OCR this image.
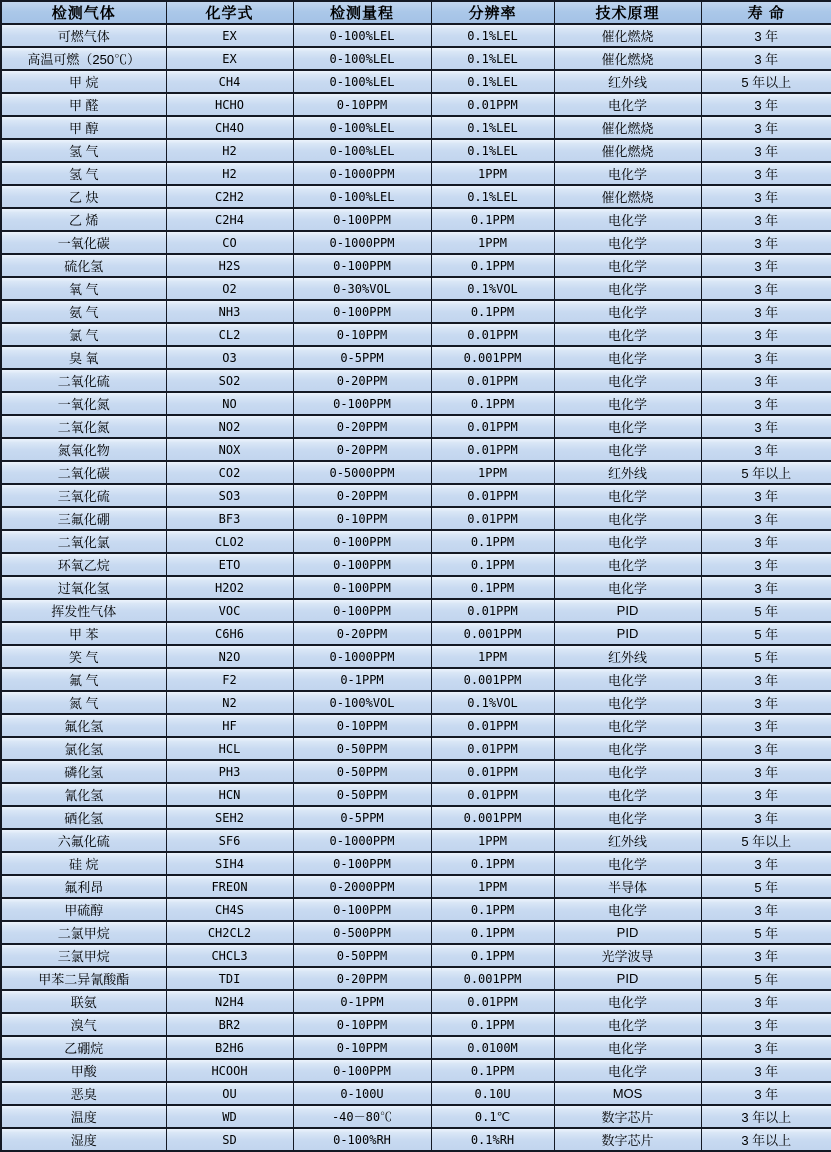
检测气体	化学式	检测量程	分辨率	技术原理	寿 命
可燃气体	EX	0-100%LEL	0.1%LEL	催化燃烧	3 年
高温可燃（250℃）	EX	0-100%LEL	0.1%LEL	催化燃烧	3 年
甲 烷	CH4	0-100%LEL	0.1%LEL	红外线	5 年以上
甲 醛	HCHO	0-10PPM	0.01PPM	电化学	3 年
甲 醇	CH4O	0-100%LEL	0.1%LEL	催化燃烧	3 年
氢 气	H2	0-100%LEL	0.1%LEL	催化燃烧	3 年
氢 气	H2	0-1000PPM	1PPM	电化学	3 年
乙 炔	C2H2	0-100%LEL	0.1%LEL	催化燃烧	3 年
乙 烯	C2H4	0-100PPM	0.1PPM	电化学	3 年
一氧化碳	CO	0-1000PPM	1PPM	电化学	3 年
硫化氢	H2S	0-100PPM	0.1PPM	电化学	3 年
氧 气	O2	0-30%VOL	0.1%VOL	电化学	3 年
氨 气	NH3	0-100PPM	0.1PPM	电化学	3 年
氯 气	CL2	0-10PPM	0.01PPM	电化学	3 年
臭 氧	O3	0-5PPM	0.001PPM	电化学	3 年
二氧化硫	SO2	0-20PPM	0.01PPM	电化学	3 年
一氧化氮	NO	0-100PPM	0.1PPM	电化学	3 年
二氧化氮	NO2	0-20PPM	0.01PPM	电化学	3 年
氮氧化物	NOX	0-20PPM	0.01PPM	电化学	3 年
二氧化碳	CO2	0-5000PPM	1PPM	红外线	5 年以上
三氧化硫	SO3	0-20PPM	0.01PPM	电化学	3 年
三氟化硼	BF3	0-10PPM	0.01PPM	电化学	3 年
二氧化氯	CLO2	0-100PPM	0.1PPM	电化学	3 年
环氧乙烷	ETO	0-100PPM	0.1PPM	电化学	3 年
过氧化氢	H2O2	0-100PPM	0.1PPM	电化学	3 年
挥发性气体	VOC	0-100PPM	0.01PPM	PID	5 年
甲 苯	C6H6	0-20PPM	0.001PPM	PID	5 年
笑 气	N2O	0-1000PPM	1PPM	红外线	5 年
氟 气	F2	0-1PPM	0.001PPM	电化学	3 年
氮 气	N2	0-100%VOL	0.1%VOL	电化学	3 年
氟化氢	HF	0-10PPM	0.01PPM	电化学	3 年
氯化氢	HCL	0-50PPM	0.01PPM	电化学	3 年
磷化氢	PH3	0-50PPM	0.01PPM	电化学	3 年
氰化氢	HCN	0-50PPM	0.01PPM	电化学	3 年
硒化氢	SEH2	0-5PPM	0.001PPM	电化学	3 年
六氟化硫	SF6	0-1000PPM	1PPM	红外线	5 年以上
硅 烷	SIH4	0-100PPM	0.1PPM	电化学	3 年
氟利昂	FREON	0-2000PPM	1PPM	半导体	5 年
甲硫醇	CH4S	0-100PPM	0.1PPM	电化学	3 年
二氯甲烷	CH2CL2	0-500PPM	0.1PPM	PID	5 年
三氯甲烷	CHCL3	0-50PPM	0.1PPM	光学波导	3 年
甲苯二异氰酸酯	TDI	0-20PPM	0.001PPM	PID	5 年
联氨	N2H4	0-1PPM	0.01PPM	电化学	3 年
溴气	BR2	0-10PPM	0.1PPM	电化学	3 年
乙硼烷	B2H6	0-10PPM	0.0100M	电化学	3 年
甲酸	HCOOH	0-100PPM	0.1PPM	电化学	3 年
恶臭	OU	0-100U	0.10U	MOS	3 年
温度	WD	-40－80℃	0.1℃	数字芯片	3 年以上
湿度	SD	0-100%RH	0.1%RH	数字芯片	3 年以上
